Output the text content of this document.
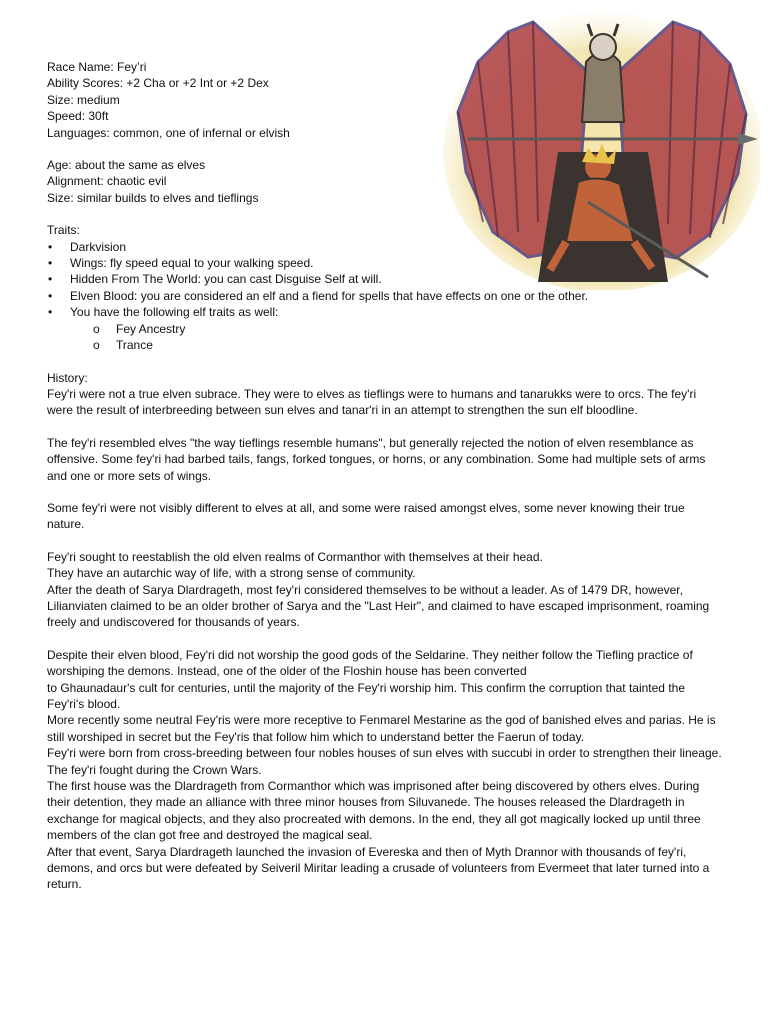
Race Name: Fey’ri
Ability Scores: +2 Cha or +2 Int or +2 Dex
Size: medium
Speed: 30ft
Languages: common, one of infernal or elvish
Age: about the same as elves
Alignment: chaotic evil
Size: similar builds to elves and tieflings
Traits:
• Darkvision
• Wings: fly speed equal to your walking speed.
• Hidden From The World: you can cast Disguise Self at will.
• Elven Blood: you are considered an elf and a fiend for spells that have effects on one or the other.
• You have the following elf traits as well:
o Fey Ancestry
o Trance
History:

Fey'ri were not a true elven subrace. They were to elves as tieflings were to humans and tanarukks were to orcs. The fey'ri were the result of interbreeding between sun elves and tanar'ri in an attempt to strengthen the sun elf bloodline.

The fey'ri resembled elves "the way tieflings resemble humans", but generally rejected the notion of elven resemblance as offensive. Some fey'ri had barbed tails, fangs, forked tongues, or horns, or any combination. Some had multiple sets of arms and one or more sets of wings.

Some fey'ri were not visibly different to elves at all, and some were raised amongst elves, some never knowing their true nature.

Fey'ri sought to reestablish the old elven realms of Cormanthor with themselves at their head.

They have an autarchic way of life, with a strong sense of community.

After the death of Sarya Dlardrageth, most fey'ri considered themselves to be without a leader. As of 1479 DR, however, Lilianviaten claimed to be an older brother of Sarya and the "Last Heir", and claimed to have escaped imprisonment, roaming freely and undiscovered for thousands of years.

Despite their elven blood, Fey'ri did not worship the good gods of the Seldarine. They neither follow the Tiefling practice of worshiping the demons. Instead, one of the older of the Floshin house has been converted

to Ghaunadaur's cult for centuries, until the majority of the Fey'ri worship him. This confirm the corruption that tainted the Fey'ri's blood.

More recently some neutral Fey'ris were more receptive to Fenmarel Mestarine as the god of banished elves and parias. He is still worshiped in secret but the Fey'ris that follow him which to understand better the Faerun of today.

Fey'ri were born from cross-breeding between four nobles houses of sun elves with succubi in order to strengthen their lineage. The fey'ri fought during the Crown Wars.

The first house was the Dlardrageth from Cormanthor which was imprisoned after being discovered by others elves. During their detention, they made an alliance with three minor houses from Siluvanede. The houses released the Dlardrageth in exchange for magical objects, and they also procreated with demons. In the end, they all got magically locked up until three members of the clan got free and destroyed the magical seal.

After that event, Sarya Dlardrageth launched the invasion of Evereska and then of Myth Drannor with thousands of fey'ri, demons, and orcs but were defeated by Seiveril Miritar leading a crusade of volunteers from Evermeet that later turned into a return.
